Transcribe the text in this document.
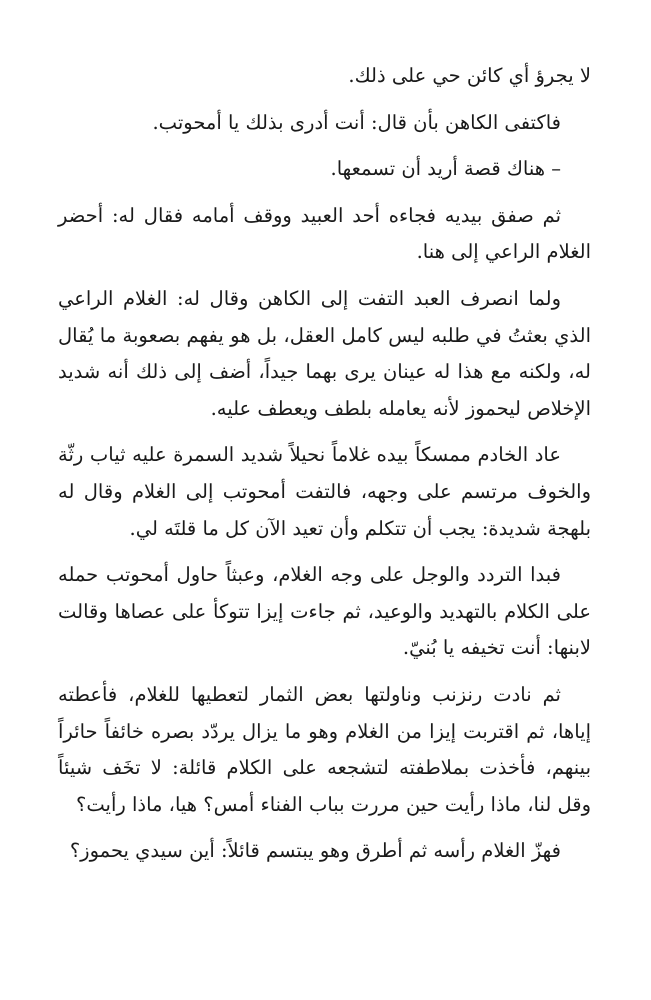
لا يجرؤ أي كائن حي على ذلك.

فاكتفى الكاهن بأن قال: أنت أدرى بذلك يا أمحوتب.

– هناك قصة أريد أن تسمعها.

ثم صفق بيديه فجاءه أحد العبيد ووقف أمامه فقال له: أحضر الغلام الراعي إلى هنا.

ولما انصرف العبد التفت إلى الكاهن وقال له: الغلام الراعي الذي بعثتُ في طلبه ليس كامل العقل، بل هو يفهم بصعوبة ما يُقال له، ولكنه مع هذا له عينان يرى بهما جيداً، أضف إلى ذلك أنه شديد الإخلاص ليحموز لأنه يعامله بلطف ويعطف عليه.

عاد الخادم ممسكاً بيده غلاماً نحيلاً شديد السمرة عليه ثياب رثّة والخوف مرتسم على وجهه، فالتفت أمحوتب إلى الغلام وقال له بلهجة شديدة: يجب أن تتكلم وأن تعيد الآن كل ما قلتَه لي.

فبدا التردد والوجل على وجه الغلام، وعبثاً حاول أمحوتب حمله على الكلام بالتهديد والوعيد، ثم جاءت إيزا تتوكأ على عصاها وقالت لابنها: أنت تخيفه يا بُنيّ.

ثم نادت رنزنب وناولتها بعض الثمار لتعطيها للغلام، فأعطته إياها، ثم اقتربت إيزا من الغلام وهو ما يزال يردّد بصره خائفاً حائراً بينهم، فأخذت بملاطفته لتشجعه على الكلام قائلة: لا تخَف شيئاً وقل لنا، ماذا رأيت حين مررت بباب الفناء أمس؟ هيا، ماذا رأيت؟

فهزّ الغلام رأسه ثم أطرق وهو يبتسم قائلاً: أين سيدي يحموز؟
